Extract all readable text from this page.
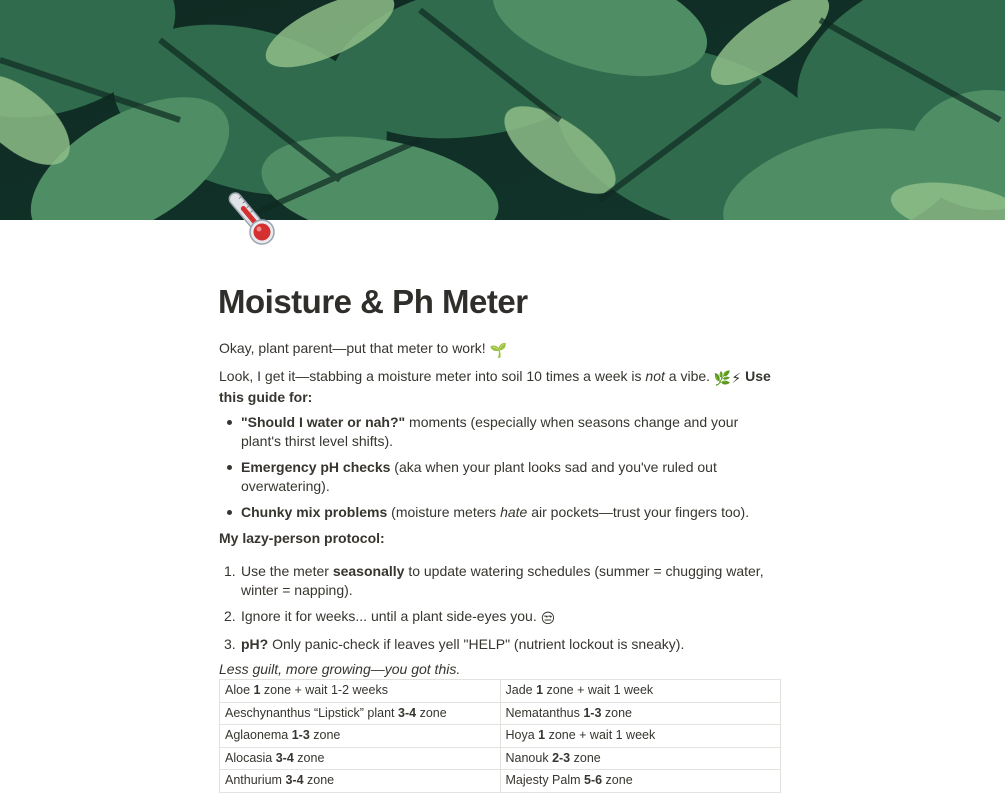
Moisture & Ph Meter

Okay, plant parent—put that meter to work! 🌱

Look, I get it—stabbing a moisture meter into soil 10 times a week is not a vibe. 🌿⚡ Use this guide for:

"Should I water or nah?" moments (especially when seasons change and your plant's thirst level shifts).
Emergency pH checks (aka when your plant looks sad and you've ruled out overwatering).
Chunky mix problems (moisture meters hate air pockets—trust your fingers too).

My lazy-person protocol:

1. Use the meter seasonally to update watering schedules (summer = chugging water, winter = napping).
2. Ignore it for weeks... until a plant side-eyes you. 😒
3. pH? Only panic-check if leaves yell "HELP" (nutrient lockout is sneaky).

Less guilt, more growing—you got this.

Aloe 1 zone + wait 1-2 weeks	Jade 1 zone + wait 1 week
Aeschynanthus “Lipstick” plant 3-4 zone	Nematanthus 1-3 zone
Aglaonema 1-3 zone	Hoya 1 zone + wait 1 week
Alocasia 3-4 zone	Nanouk 2-3 zone
Anthurium 3-4 zone	Majesty Palm 5-6 zone
